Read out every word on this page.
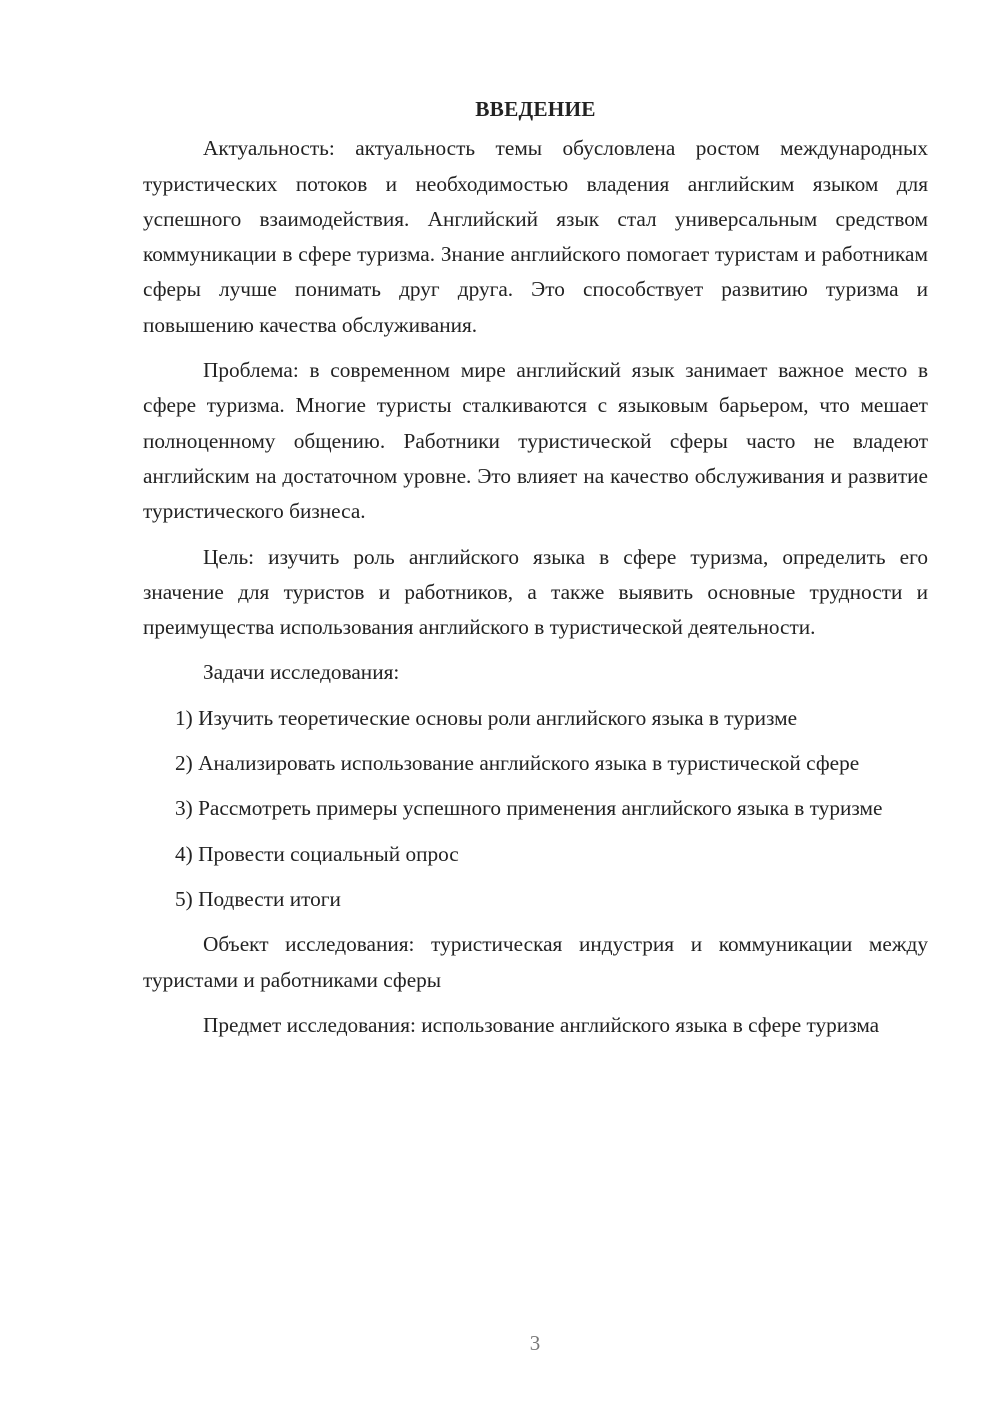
ВВЕДЕНИЕ

Актуальность: актуальность темы обусловлена ростом международных туристических потоков и необходимостью владения английским языком для успешного взаимодействия. Английский язык стал универсальным средством коммуникации в сфере туризма. Знание английского помогает туристам и работникам сферы лучше понимать друг друга. Это способствует развитию туризма и повышению качества обслуживания.

Проблема: в современном мире английский язык занимает важное место в сфере туризма. Многие туристы сталкиваются с языковым барьером, что мешает полноценному общению. Работники туристической сферы часто не владеют английским на достаточном уровне. Это влияет на качество обслуживания и развитие туристического бизнеса.

Цель: изучить роль английского языка в сфере туризма, определить его значение для туристов и работников, а также выявить основные трудности и преимущества использования английского в туристической деятельности.

Задачи исследования:

1) Изучить теоретические основы роли английского языка в туризме

2) Анализировать использование английского языка в туристической сфере

3) Рассмотреть примеры успешного применения английского языка в туризме

4) Провести социальный опрос

5) Подвести итоги

Объект исследования: туристическая индустрия и коммуникации между туристами и работниками сферы

Предмет исследования: использование английского языка в сфере туризма

3
